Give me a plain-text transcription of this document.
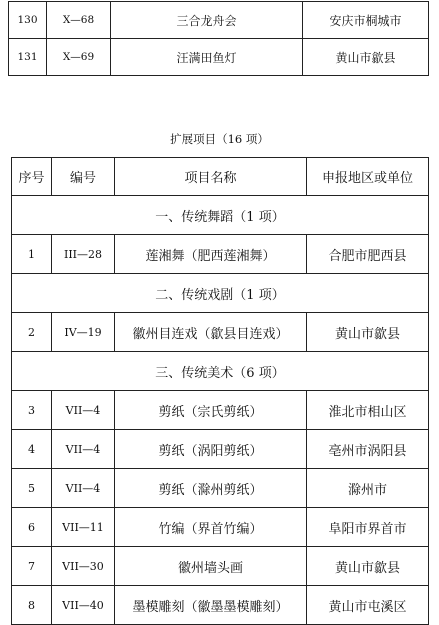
130	X—68	三合龙舟会	安庆市桐城市
131	X—69	汪满田鱼灯	黄山市歙县
扩展项目（16 项）
序号	编号	项目名称	申报地区或单位
一、传统舞蹈（1 项）			
1	III—28	莲湘舞（肥西莲湘舞）	合肥市肥西县
二、传统戏剧（1 项）			
2	IV—19	徽州目连戏（歙县目连戏）	黄山市歙县
三、传统美术（6 项）			
3	VII—4	剪纸（宗氏剪纸）	淮北市相山区
4	VII—4	剪纸（涡阳剪纸）	亳州市涡阳县
5	VII—4	剪纸（滁州剪纸）	滁州市
6	VII—11	竹编（界首竹编）	阜阳市界首市
7	VII—30	徽州墙头画	黄山市歙县
8	VII—40	墨模雕刻（徽墨墨模雕刻）	黄山市屯溪区
